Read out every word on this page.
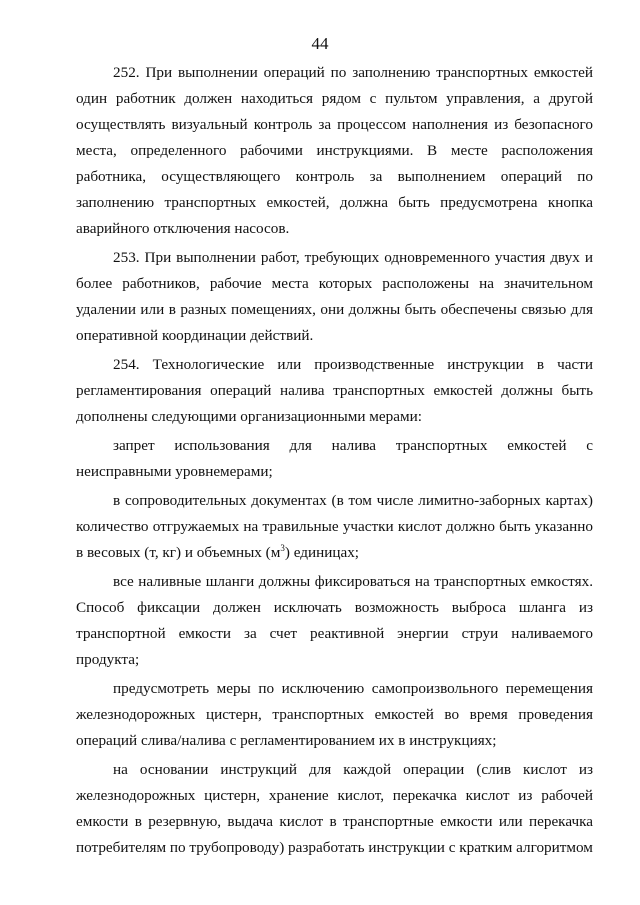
44

252. При выполнении операций по заполнению транспортных емкостей один работник должен находиться рядом с пультом управления, а другой осуществлять визуальный контроль за процессом наполнения из безопасного места, определенного рабочими инструкциями. В месте расположения работника, осуществляющего контроль за выполнением операций по заполнению транспортных емкостей, должна быть предусмотрена кнопка аварийного отключения насосов.

253. При выполнении работ, требующих одновременного участия двух и более работников, рабочие места которых расположены на значительном удалении или в разных помещениях, они должны быть обеспечены связью для оперативной координации действий.

254. Технологические или производственные инструкции в части регламентирования операций налива транспортных емкостей должны быть дополнены следующими организационными мерами:

запрет использования для налива транспортных емкостей с неисправными уровнемерами;

в сопроводительных документах (в том числе лимитно-заборных картах) количество отгружаемых на травильные участки кислот должно быть указанно в весовых (т, кг) и объемных $(м^3)$ единицах;

все наливные шланги должны фиксироваться на транспортных емкостях. Способ фиксации должен исключать возможность выброса шланга из транспортной емкости за счет реактивной энергии струи наливаемого продукта;

предусмотреть меры по исключению самопроизвольного перемещения железнодорожных цистерн, транспортных емкостей во время проведения операций слива/налива с регламентированием их в инструкциях;

на основании инструкций для каждой операции (слив кислот из железнодорожных цистерн, хранение кислот, перекачка кислот из рабочей емкости в резервную, выдача кислот в транспортные емкости или перекачка потребителям по трубопроводу) разработать инструкции с кратким алгоритмом
